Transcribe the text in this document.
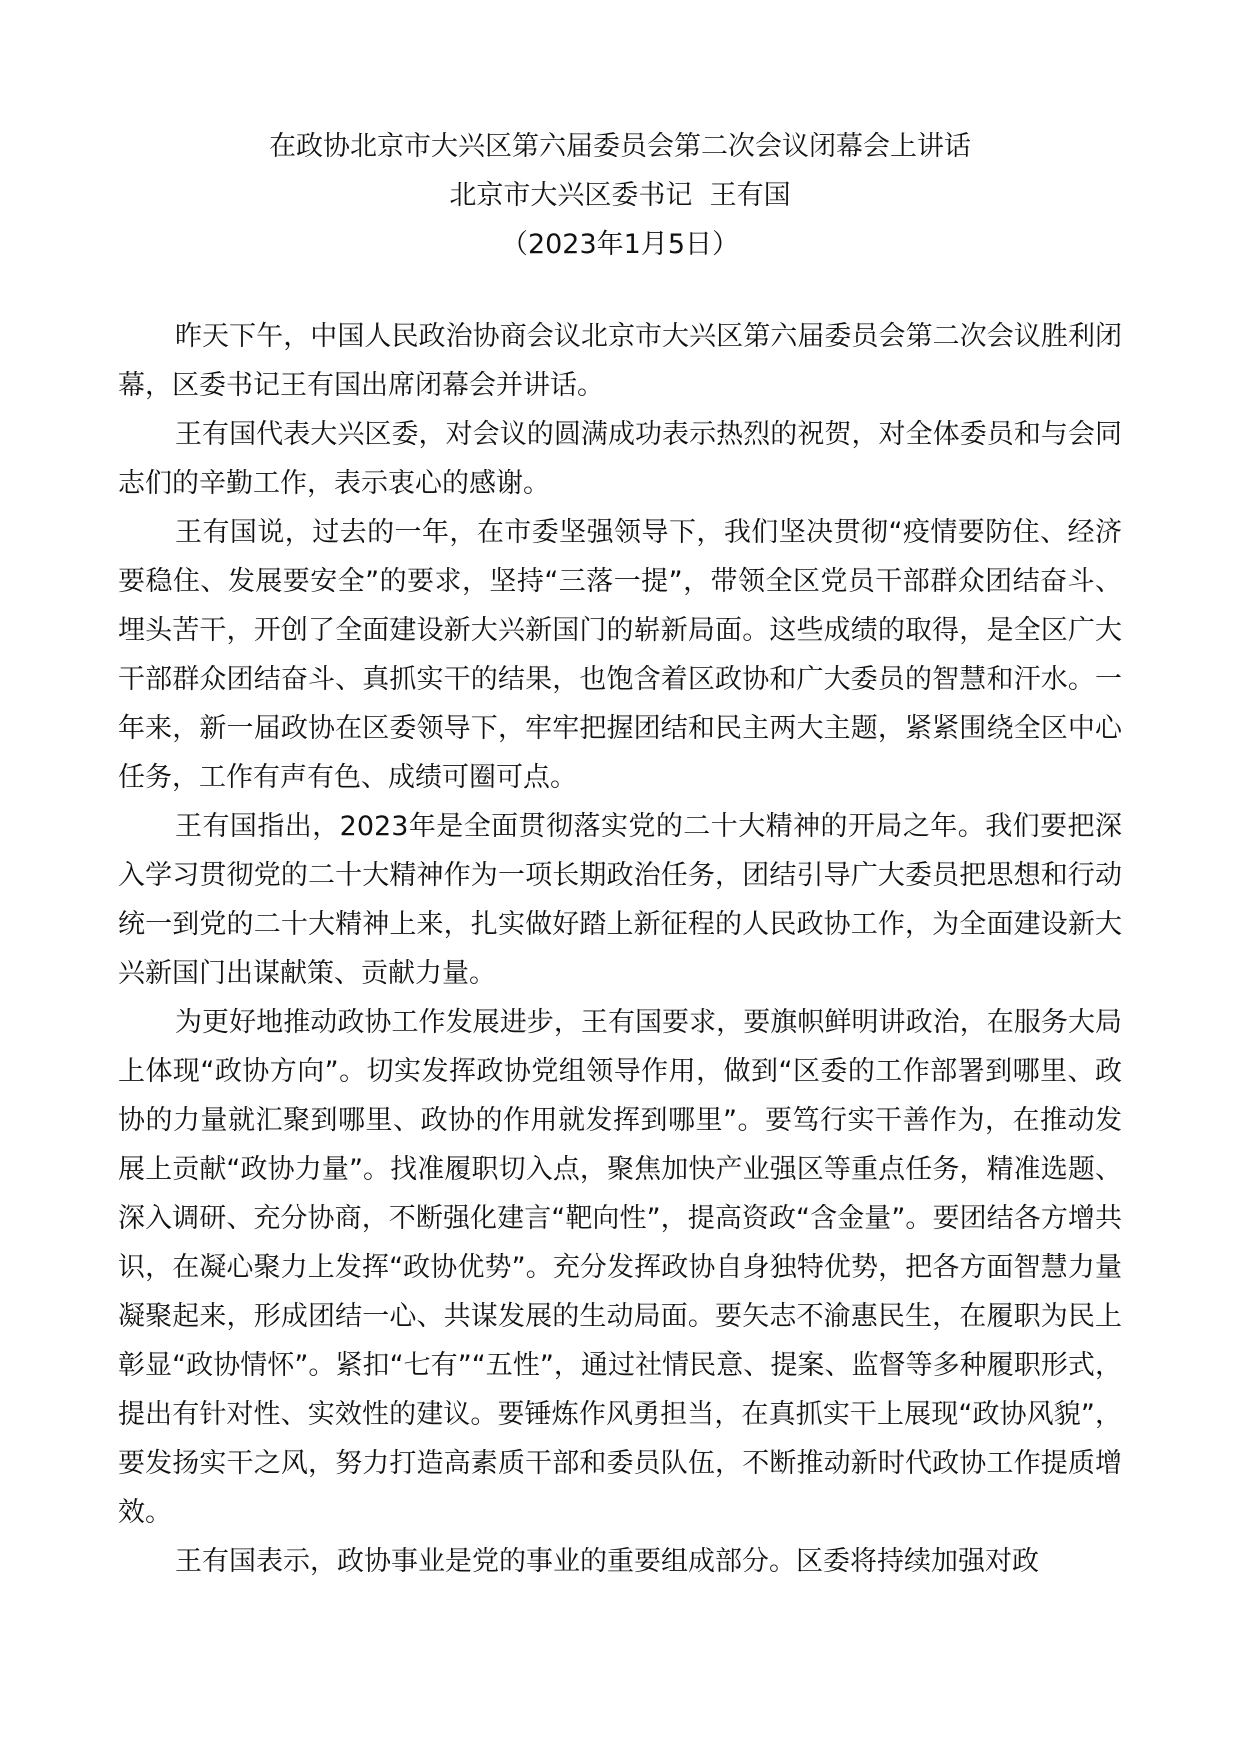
在政协北京市大兴区第六届委员会第二次会议闭幕会上讲话
北京市大兴区委书记  王有国
（2023年1月5日）

昨天下午，中国人民政治协商会议北京市大兴区第六届委员会第二次会议胜利闭幕，区委书记王有国出席闭幕会并讲话。

王有国代表大兴区委，对会议的圆满成功表示热烈的祝贺，对全体委员和与会同志们的辛勤工作，表示衷心的感谢。

王有国说，过去的一年，在市委坚强领导下，我们坚决贯彻“疫情要防住、经济要稳住、发展要安全”的要求，坚持“三落一提”，带领全区党员干部群众团结奋斗、埋头苦干，开创了全面建设新大兴新国门的崭新局面。这些成绩的取得，是全区广大干部群众团结奋斗、真抓实干的结果，也饱含着区政协和广大委员的智慧和汗水。一年来，新一届政协在区委领导下，牢牢把握团结和民主两大主题，紧紧围绕全区中心任务，工作有声有色、成绩可圈可点。

王有国指出，2023年是全面贯彻落实党的二十大精神的开局之年。我们要把深入学习贯彻党的二十大精神作为一项长期政治任务，团结引导广大委员把思想和行动统一到党的二十大精神上来，扎实做好踏上新征程的人民政协工作，为全面建设新大兴新国门出谋献策、贡献力量。

为更好地推动政协工作发展进步，王有国要求，要旗帜鲜明讲政治，在服务大局上体现“政协方向”。切实发挥政协党组领导作用，做到“区委的工作部署到哪里、政协的力量就汇聚到哪里、政协的作用就发挥到哪里”。要笃行实干善作为，在推动发展上贡献“政协力量”。找准履职切入点，聚焦加快产业强区等重点任务，精准选题、深入调研、充分协商，不断强化建言“靶向性”，提高资政“含金量”。要团结各方增共识，在凝心聚力上发挥“政协优势”。充分发挥政协自身独特优势，把各方面智慧力量凝聚起来，形成团结一心、共谋发展的生动局面。要矢志不渝惠民生，在履职为民上彰显“政协情怀”。紧扣“七有”“五性”，通过社情民意、提案、监督等多种履职形式，提出有针对性、实效性的建议。要锤炼作风勇担当，在真抓实干上展现“政协风貌”，要发扬实干之风，努力打造高素质干部和委员队伍，不断推动新时代政协工作提质增效。

王有国表示，政协事业是党的事业的重要组成部分。区委将持续加强对政
